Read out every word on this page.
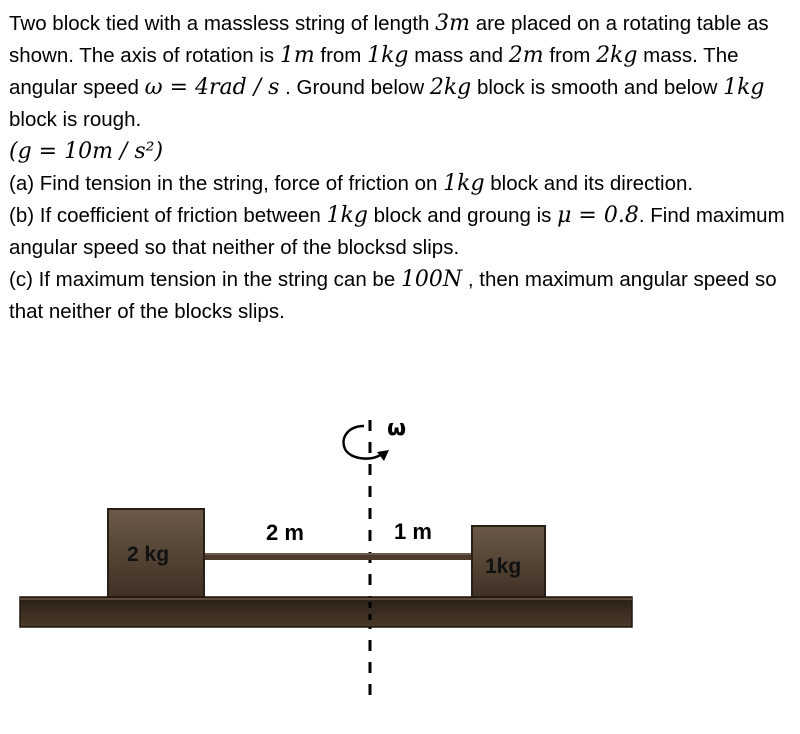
Two block tied with a massless string of length 3m are placed on a rotating table as shown. The axis of rotation is 1m from 1kg mass and 2m from 2kg mass. The angular speed ω = 4rad / s . Ground below 2kg block is smooth and below 1kg block is rough.

(g = 10m / s²)

(a) Find tension in the string, force of friction on 1kg block and its direction.

(b) If coefficient of friction between 1kg block and groung is μ = 0.8. Find maximum angular speed so that neither of the blocksd slips.

(c) If maximum tension in the string can be 100N , then maximum angular speed so that neither of the blocks slips.

ω
2 m	1 m
2 kg
1kg
